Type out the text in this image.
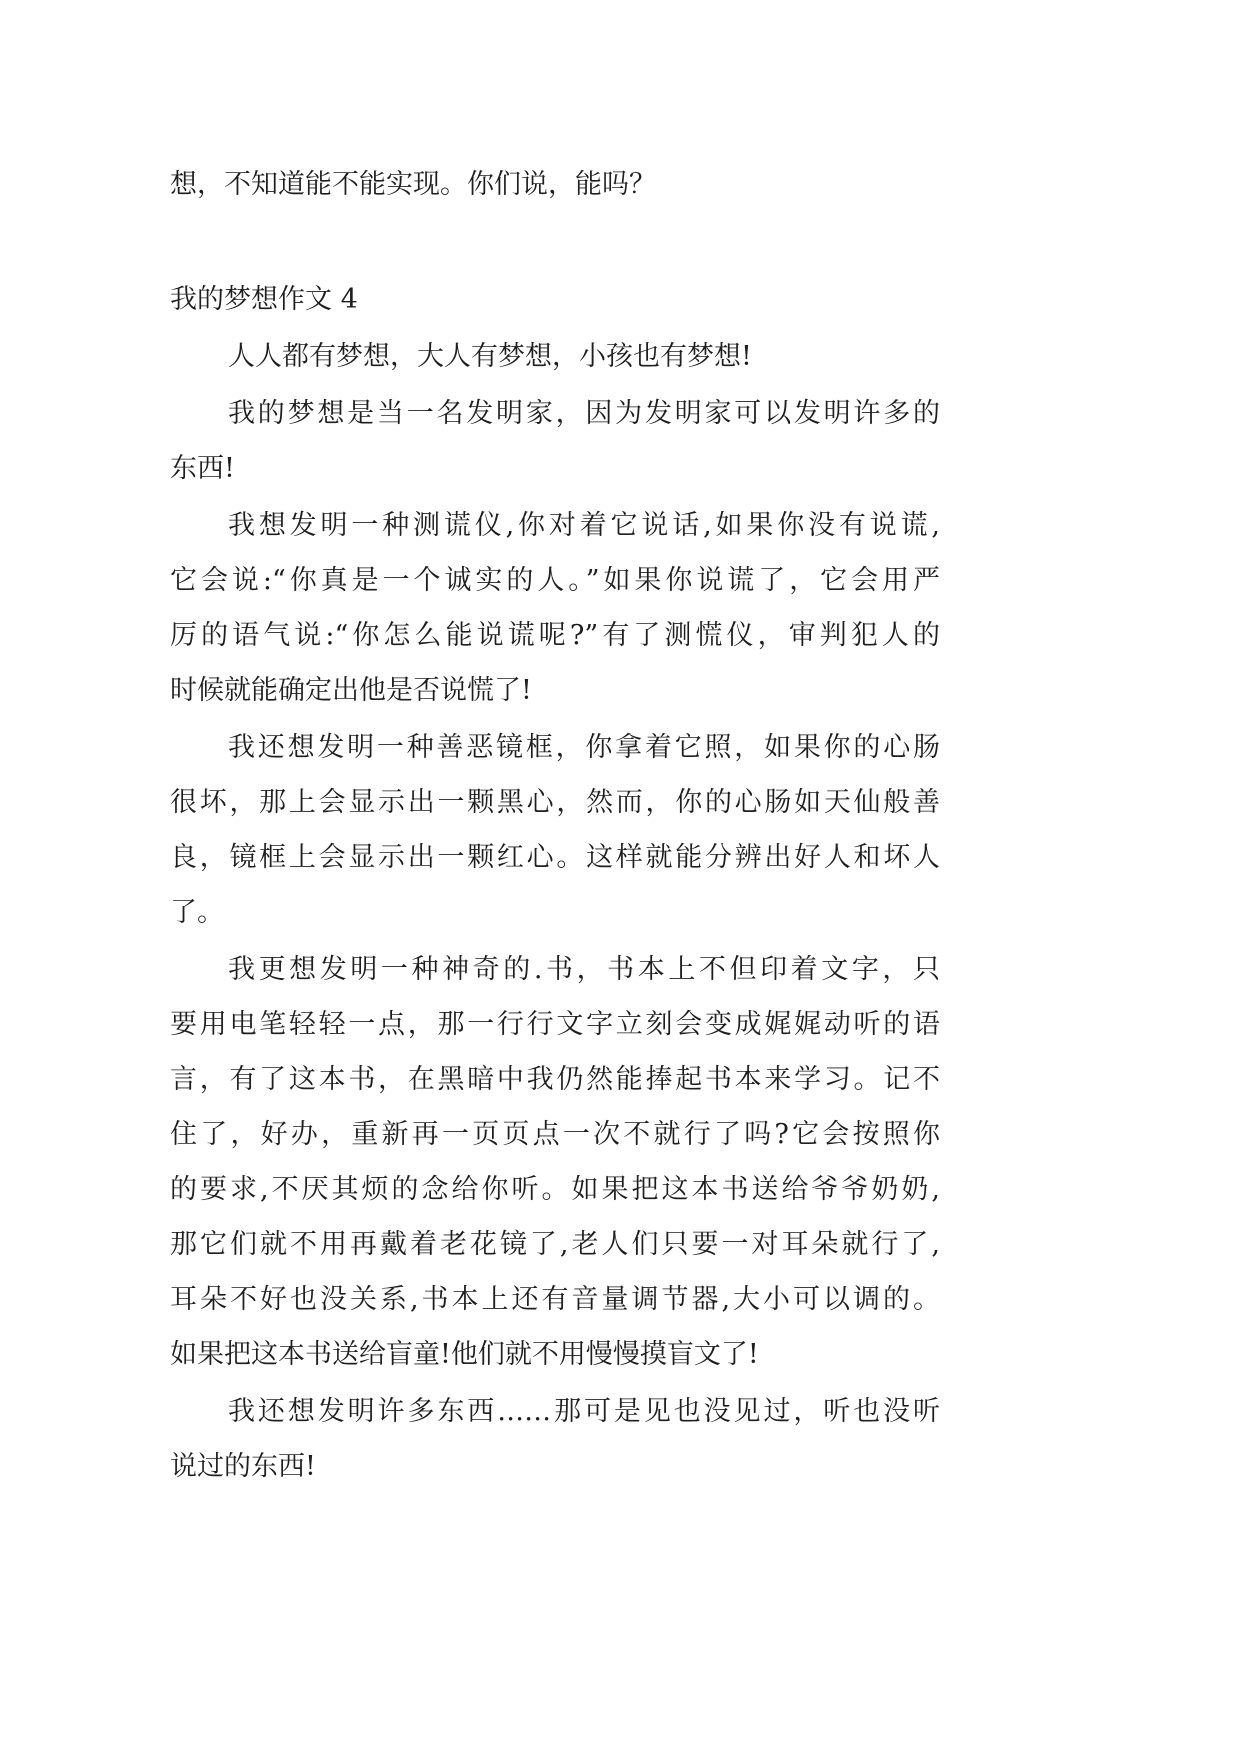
想，不知道能不能实现。你们说，能吗？

我的梦想作文 4

人人都有梦想，大人有梦想，小孩也有梦想!

我的梦想是当一名发明家，因为发明家可以发明许多的
东西!

我想发明一种测谎仪,你对着它说话,如果你没有说谎,
它会说:“你真是一个诚实的人。”如果你说谎了，它会用严
厉的语气说:“你怎么能说谎呢?”有了测慌仪，审判犯人的
时候就能确定出他是否说慌了!

我还想发明一种善恶镜框，你拿着它照，如果你的心肠
很坏，那上会显示出一颗黑心，然而，你的心肠如天仙般善
良，镜框上会显示出一颗红心。这样就能分辨出好人和坏人
了。

我更想发明一种神奇的.书，书本上不但印着文字，只
要用电笔轻轻一点，那一行行文字立刻会变成娓娓动听的语
言，有了这本书，在黑暗中我仍然能捧起书本来学习。记不
住了，好办，重新再一页页点一次不就行了吗?它会按照你
的要求,不厌其烦的念给你听。如果把这本书送给爷爷奶奶,
那它们就不用再戴着老花镜了,老人们只要一对耳朵就行了,
耳朵不好也没关系,书本上还有音量调节器,大小可以调的。
如果把这本书送给盲童!他们就不用慢慢摸盲文了!

我还想发明许多东西……那可是见也没见过，听也没听
说过的东西!
